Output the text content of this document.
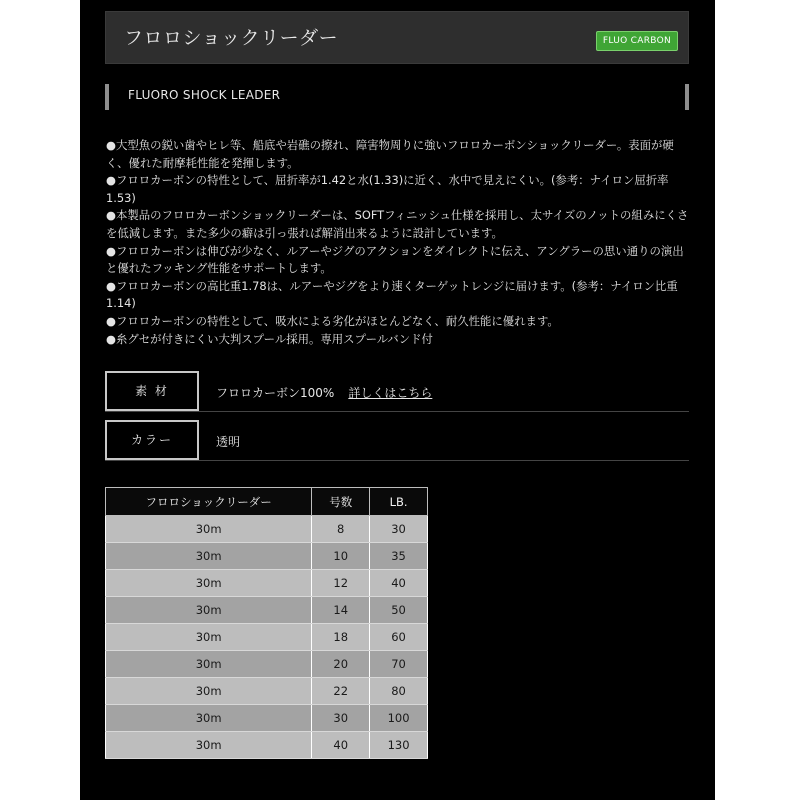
フロロショックリーダー	FLUO CARBON
FLUORO SHOCK LEADER
●大型魚の鋭い歯やヒレ等、船底や岩礁の擦れ、障害物周りに強いフロロカーボンショックリーダー。表面が硬く、優れた耐摩耗性能を発揮します。
●フロロカーボンの特性として、屈折率が1.42と水(1.33)に近く、水中で見えにくい。(参考：ナイロン屈折率1.53)
●本製品のフロロカーボンショックリーダーは、SOFTフィニッシュ仕様を採用し、太サイズのノットの組みにくさを低減します。また多少の癖は引っ張れば解消出来るように設計しています。
●フロロカーボンは伸びが少なく、ルアーやジグのアクションをダイレクトに伝え、アングラーの思い通りの演出と優れたフッキング性能をサポートします。
●フロロカーボンの高比重1.78は、ルアーやジグをより速くターゲットレンジに届けます。(参考：ナイロン比重1.14)
●フロロカーボンの特性として、吸水による劣化がほとんどなく、耐久性能に優れます。
●糸グセが付きにくい大判スプール採用。専用スプールバンド付
素 材	フロロカーボン100% 詳しくはこちら
カラー	透明
フロロショックリーダー	号数	LB.
30m	8	30
30m	10	35
30m	12	40
30m	14	50
30m	18	60
30m	20	70
30m	22	80
30m	30	100
30m	40	130
